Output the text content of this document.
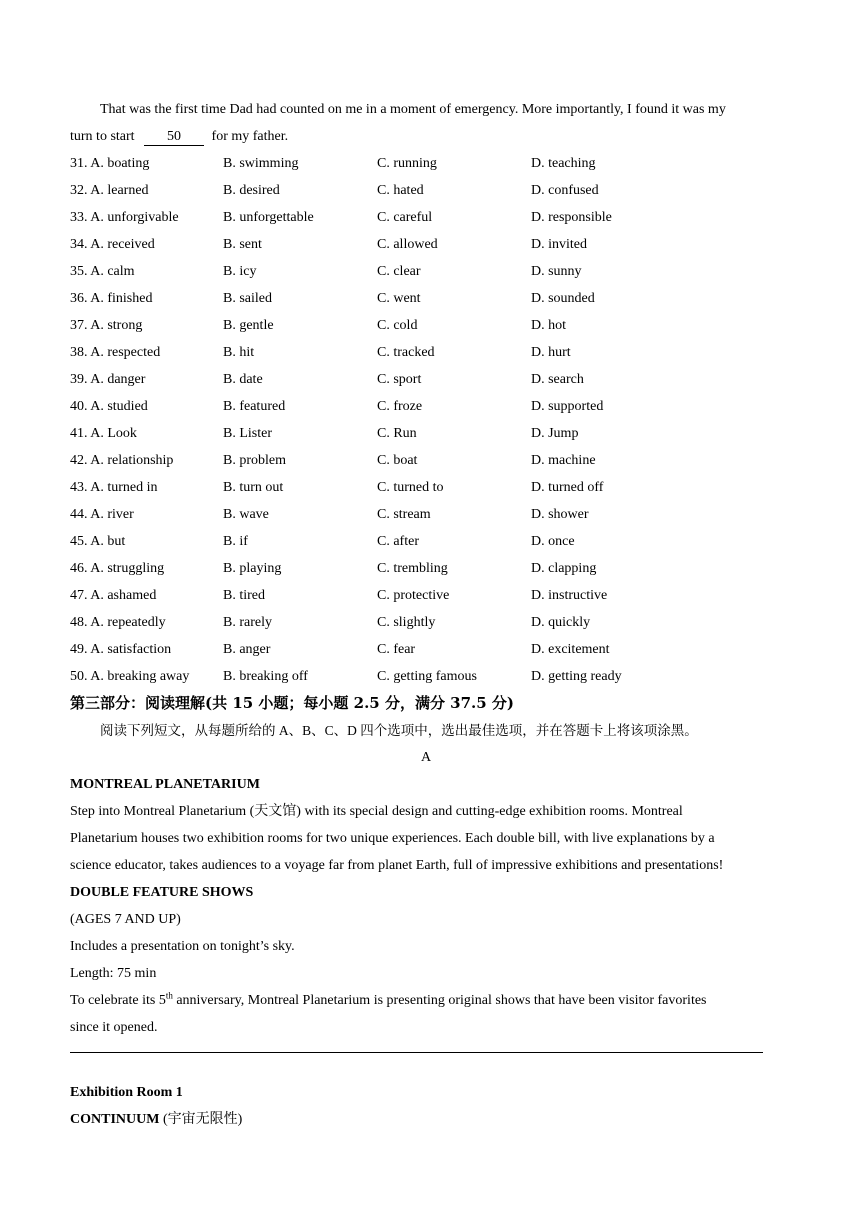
That was the first time Dad had counted on me in a moment of emergency. More importantly, I found it was my
turn to start 50 for my father.
31. A. boating	B. swimming	C. running	D. teaching
32. A. learned	B. desired	C. hated	D. confused
33. A. unforgivable	B. unforgettable	C. careful	D. responsible
34. A. received	B. sent	C. allowed	D. invited
35. A. calm	B. icy	C. clear	D. sunny
36. A. finished	B. sailed	C. went	D. sounded
37. A. strong	B. gentle	C. cold	D. hot
38. A. respected	B. hit	C. tracked	D. hurt
39. A. danger	B. date	C. sport	D. search
40. A. studied	B. featured	C. froze	D. supported
41. A. Look	B. Lister	C. Run	D. Jump
42. A. relationship	B. problem	C. boat	D. machine
43. A. turned in	B. turn out	C. turned to	D. turned off
44. A. river	B. wave	C. stream	D. shower
45. A. but	B. if	C. after	D. once
46. A. struggling	B. playing	C. trembling	D. clapping
47. A. ashamed	B. tired	C. protective	D. instructive
48. A. repeatedly	B. rarely	C. slightly	D. quickly
49. A. satisfaction	B. anger	C. fear	D. excitement
50. A. breaking away	B. breaking off	C. getting famous	D. getting ready
第三部分：阅读理解(共 15 小题；每小题 2.5 分，满分 37.5 分)
阅读下列短文，从每题所给的 A、B、C、D 四个选项中，选出最佳选项，并在答题卡上将该项涂黑。
A
MONTREAL PLANETARIUM
Step into Montreal Planetarium (天文馆) with its special design and cutting-edge exhibition rooms. Montreal
Planetarium houses two exhibition rooms for two unique experiences. Each double bill, with live explanations by a
science educator, takes audiences to a voyage far from planet Earth, full of impressive exhibitions and presentations!
DOUBLE FEATURE SHOWS
(AGES 7 AND UP)
Includes a presentation on tonight’s sky.
Length: 75 min
To celebrate its 5th anniversary, Montreal Planetarium is presenting original shows that have been visitor favorites
since it opened.
Exhibition Room 1
CONTINUUM (宇宙无限性)
